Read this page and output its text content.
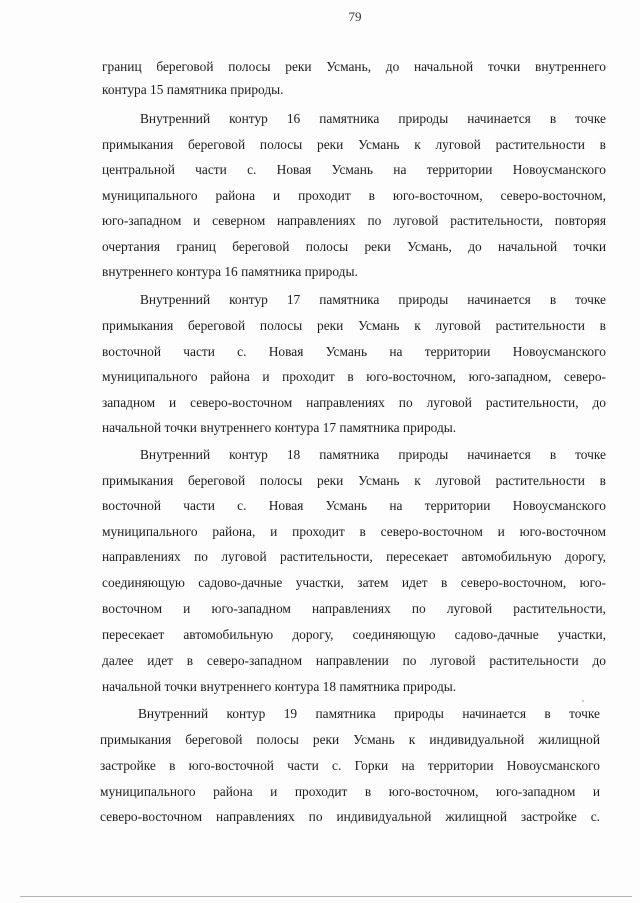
79
границ береговой полосы реки Усмань, до начальной точки внутреннего
контура 15 памятника природы.
Внутренний контур 16 памятника природы начинается в точке
примыкания береговой полосы реки Усмань к луговой растительности в
центральной части с. Новая Усмань на территории Новоусманского
муниципального района и проходит в юго-восточном, северо-восточном,
юго-западном и северном направлениях по луговой растительности, повторяя
очертания границ береговой полосы реки Усмань, до начальной точки
внутреннего контура 16 памятника природы.
Внутренний контур 17 памятника природы начинается в точке
примыкания береговой полосы реки Усмань к луговой растительности в
восточной части с. Новая Усмань на территории Новоусманского
муниципального района и проходит в юго-восточном, юго-западном, северо-
западном и северо-восточном направлениях по луговой растительности, до
начальной точки внутреннего контура 17 памятника природы.
Внутренний контур 18 памятника природы начинается в точке
примыкания береговой полосы реки Усмань к луговой растительности в
восточной части с. Новая Усмань на территории Новоусманского
муниципального района, и проходит в северо-восточном и юго-восточном
направлениях по луговой растительности, пересекает автомобильную дорогу,
соединяющую садово-дачные участки, затем идет в северо-восточном, юго-
восточном и юго-западном направлениях по луговой растительности,
пересекает автомобильную дорогу, соединяющую садово-дачные участки,
далее идет в северо-западном направлении по луговой растительности до
начальной точки внутреннего контура 18 памятника природы.
Внутренний контур 19 памятника природы начинается в точке
примыкания береговой полосы реки Усмань к индивидуальной жилищной
застройке в юго-восточной части с. Горки на территории Новоусманского
муниципального района и проходит в юго-восточном, юго-западном и
северо-восточном направлениях по индивидуальной жилищной застройке с.
